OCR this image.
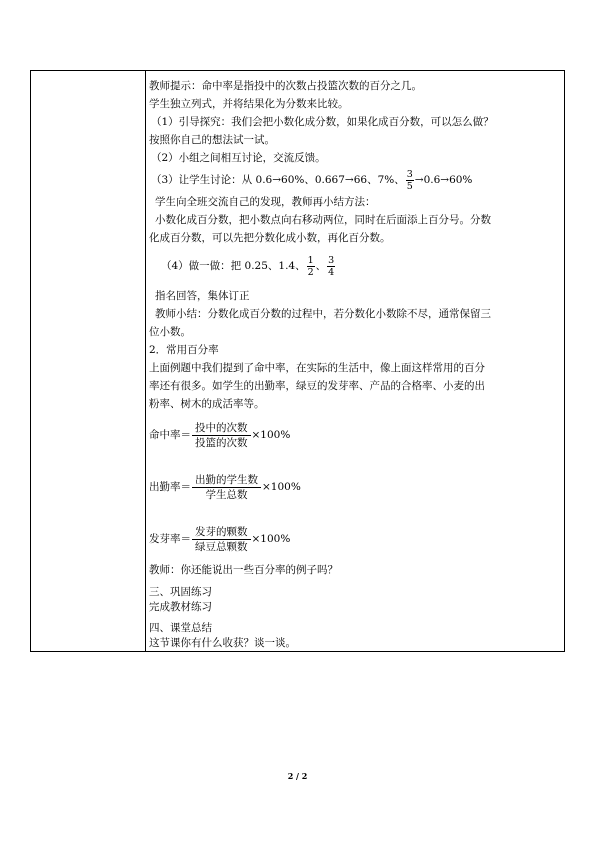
教师提示：命中率是指投中的次数占投篮次数的百分之几。

学生独立列式，并将结果化为分数来比较。

（1）引导探究：我们会把小数化成分数，如果化成百分数，可以怎么做？

按照你自己的想法试一试。

（2）小组之间相互讨论，交流反馈。

（3）让学生讨论：从 0.6→60%、0.667→66、7%、 $\frac{3}{5} \to 0.6\to 60\%$

学生向全班交流自己的发现，教师再小结方法：

小数化成百分数，把小数点向右移动两位，同时在后面添上百分号。分数

化成百分数，可以先把分数化成小数，再化百分数。

（4）做一做：把 0.25、1.4、 $\frac{1}{2}$ 、 $\frac{3}{4}$

指名回答，集体订正

教师小结：分数化成百分数的过程中，若分数化小数除不尽，通常保留三

位小数。

2．常用百分率

上面例题中我们提到了命中率，在实际的生活中，像上面这样常用的百分

率还有很多。如学生的出勤率，绿豆的发芽率、产品的合格率、小麦的出

粉率、树木的成活率等。

命中率＝ $\frac{\text{投中的次数}}{\text{投篮的次数}} \times 100\%$
出勤率＝ $\frac{\text{出勤的学生数}}{\text{学生总数}} \times 100\%$
发芽率＝ $\frac{\text{发芽的颗数}}{\text{绿豆总颗数}} \times 100\%$

教师：你还能说出一些百分率的例子吗？

三、巩固练习

完成教材练习

四、课堂总结

这节课你有什么收获？谈一谈。

2 / 2
